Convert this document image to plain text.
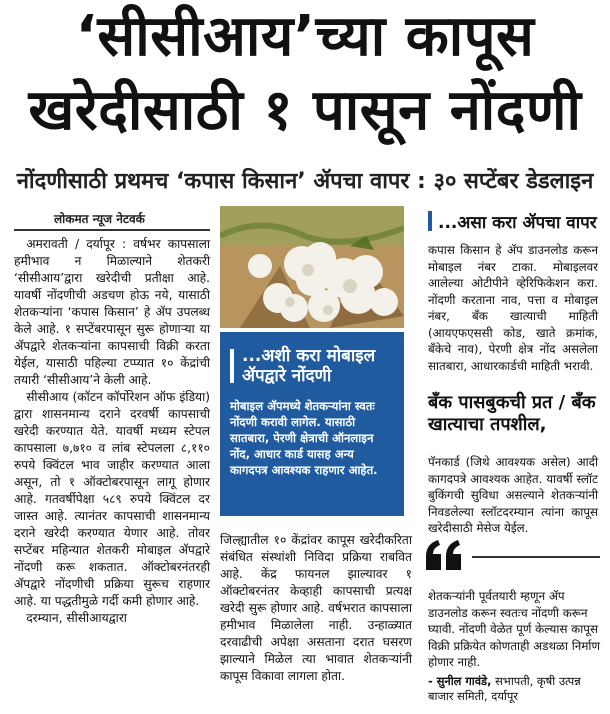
‘सीसीआय’च्या कापूस
खरेदीसाठी १ पासून नोंदणी
नोंदणीसाठी प्रथमच ‘कपास किसान’ ॲपचा वापर : ३० सप्टेंबर डेडलाइन
लोकमत न्यूज नेटवर्क

अमरावती / दर्यापूर : वर्षभर कापसाला हमीभाव न मिळाल्याने शेतकरी ‘सीसीआय’द्वारा खरेदीची प्रतीक्षा आहे. यावर्षी नोंदणीची अडचण होऊ नये, यासाठी शेतकऱ्यांना ‘कपास किसान’ हे ॲप उपलब्ध केले आहे. १ सप्टेंबरपासून सुरू होणाऱ्या या ॲपद्वारे शेतकऱ्यांना कापसाची विक्री करता येईल, यासाठी पहिल्या टप्प्यात १० केंद्रांची तयारी ‘सीसीआय’ने केली आहे.

सीसीआय (कॉटन कॉर्पोरेशन ऑफ इंडिया) द्वारा शासनमान्य दराने दरवर्षी कापसाची खरेदी करण्यात येते. यावर्षी मध्यम स्टेपल कापसाला ७,७१० व लांब स्टेपलला ८,११० रुपये क्विंटल भाव जाहीर करण्यात आला असून, तो १ ऑक्टोबरपासून लागू होणार आहे. गतवर्षीपेक्षा ५८९ रुपये क्विंटल दर जास्त आहे. त्यानंतर कापसाची शासनमान्य दराने खरेदी करण्यात येणार आहे. तोवर सप्टेंबर महिन्यात शेतकरी मोबाइल ॲपद्वारे नोंदणी करू शकतात. ऑक्टोबरनंतरही ॲपद्वारे नोंदणीची प्रक्रिया सुरूच राहणार आहे. या पद्धतीमुळे गर्दी कमी होणार आहे.

दरम्यान, सीसीआयद्वारा

...अशी करा मोबाइल ॲपद्वारे नोंदणी
मोबाइल ॲपमध्ये शेतकऱ्यांना स्वतः नोंदणी करावी लागेल. यासाठी सातबारा, पेरणी क्षेत्राची ऑनलाइन नोंद, आधार कार्ड यासह अन्य कागदपत्र आवश्यक राहणार आहेत.

जिल्ह्यातील १० केंद्रांवर कापूस खरेदीकरिता संबंधित संस्थांशी निविदा प्रक्रिया राबवित आहे. केंद्र फायनल झाल्यावर १ ऑक्टोबरनंतर केव्हाही कापसाची प्रत्यक्ष खरेदी सुरू होणार आहे. वर्षभरात कापसाला हमीभाव मिळालेला नाही. उन्हाळ्यात दरवाढीची अपेक्षा असताना दरात घसरण झाल्याने मिळेल त्या भावात शेतकऱ्यांनी कापूस विकावा लागला होता.

...असा करा ॲपचा वापर
कपास किसान हे ॲप डाउनलोड करून मोबाइल नंबर टाका. मोबाइलवर आलेल्या ओटीपीने व्हेरिफिकेशन करा. नोंदणी करताना नाव, पत्ता व मोबाइल नंबर, बँक खात्याची माहिती (आयएफएससी कोड, खाते क्रमांक, बँकेचे नाव), पेरणी क्षेत्र नोंद असलेला सातबारा, आधारकार्डची माहिती भरावी.
बँक पासबुकची प्रत / बँक खात्याचा तपशील,
पॅनकार्ड (जिथे आवश्यक असेल) आदी कागदपत्रे आवश्यक आहेत. यावर्षी स्लॉट बुकिंगची सुविधा असल्याने शेतकऱ्यांनी निवडलेल्या स्लॉटदरम्यान त्यांना कापूस खरेदीसाठी मेसेज येईल.
शेतकऱ्यांनी पूर्वतयारी म्हणून ॲप डाउनलोड करून स्वतःच नोंदणी करून घ्यावी. नोंदणी वेळेत पूर्ण केल्यास कापूस विक्री प्रक्रियेत कोणताही अडथळा निर्माण होणार नाही.
- सुनील गावंडे, सभापती, कृषी उत्पन्न बाजार समिती, दर्यापूर
